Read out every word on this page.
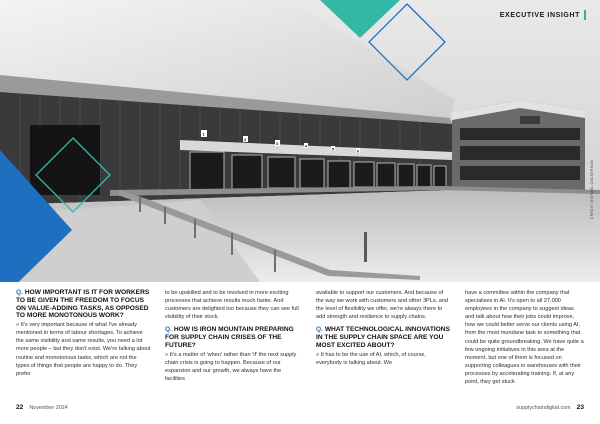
1
2
3	4
5	6
EXECUTIVE INSIGHT
CREDIT: MICHAEL COCKERHAM
Q. HOW IMPORTANT IS IT FOR WORKERS TO BE GIVEN THE FREEDOM TO FOCUS ON VALUE-ADDING TASKS, AS OPPOSED TO MORE MONOTONOUS WORK?

» It's very important because of what I've already mentioned in terms of labour shortages. To achieve the same visibility and same results, you need a lot more people – but they don't exist. We're talking about routine and monotonous tasks, which are not the types of things that people are happy to do. They prefer

to be upskilled and to be involved in more exciting processes that achieve results much faster. And customers are delighted too because they can see full visibility of their stock.

Q. HOW IS IRON MOUNTAIN PREPARING FOR SUPPLY CHAIN CRISES OF THE FUTURE?

» It's a matter of 'when' rather than 'if' the next supply chain crisis is going to happen. Because of our expansion and our growth, we always have the facilities

available to support our customers. And because of the way we work with customers and other 3PLs, and the level of flexibility we offer, we're always there to add strength and resilience to supply chains.

Q. WHAT TECHNOLOGICAL INNOVATIONS IN THE SUPPLY CHAIN SPACE ARE YOU MOST EXCITED ABOUT?

» It has to be the use of AI, which, of course, everybody is talking about. We

have a committee within the company that specialises in AI. It's open to all 27,000 employees in the company to suggest ideas and talk about how their jobs could improve, how we could better serve our clients using AI, from the most mundane task to something that could be quite groundbreaking. We have quite a few ongoing initiatives in this area at the moment, but one of them is focused on supporting colleagues in warehouses with their processes by accelerating training. If, at any point, they get stuck

22 November 2024	supplychaindigital.com 23
